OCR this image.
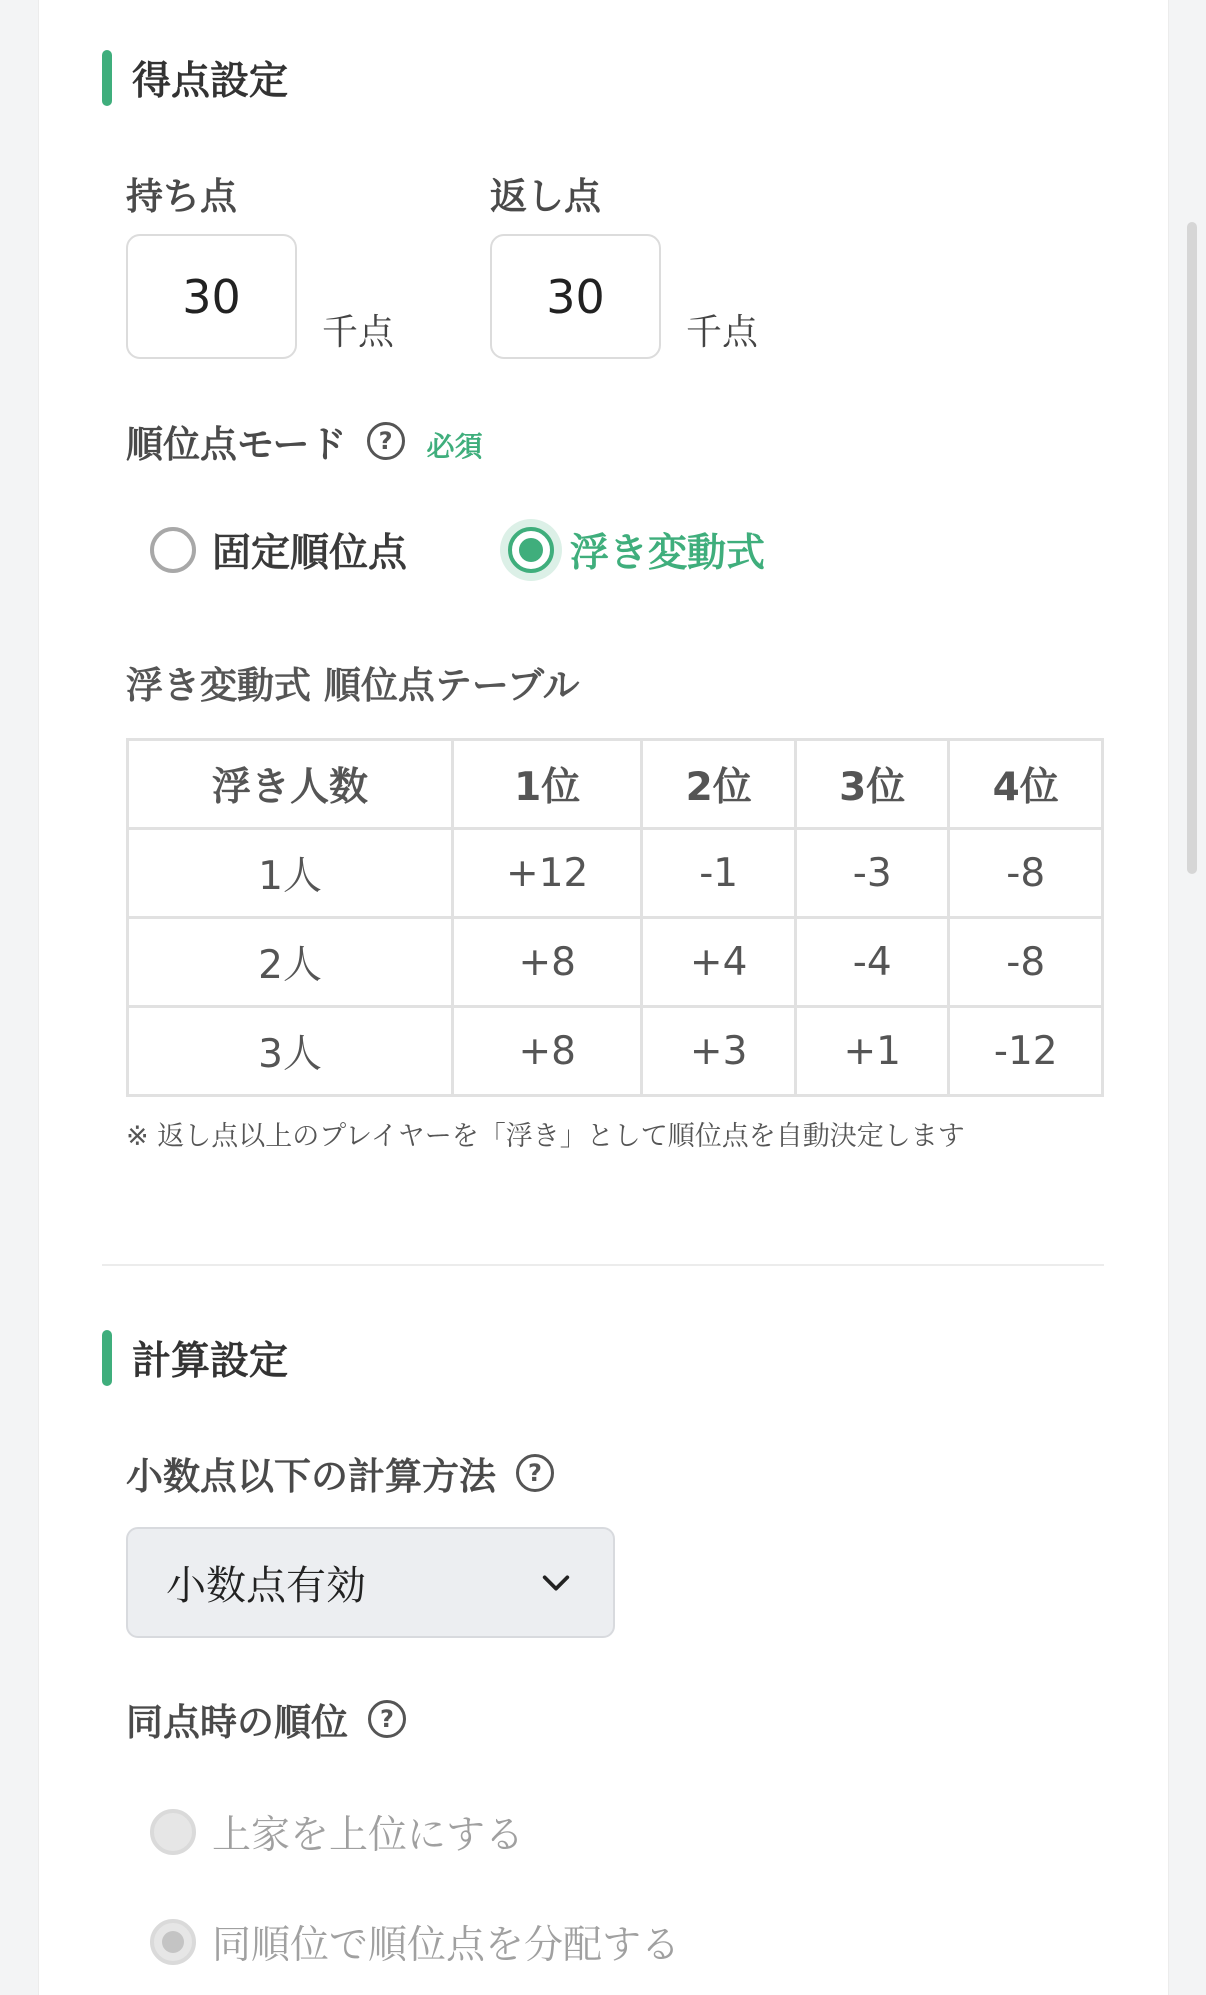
得点設定
持ち点
30
千点
返し点
30
千点
順位点モード	?	必須
固定順位点	浮き変動式
浮き変動式 順位点テーブル
浮き人数	1位	2位	3位	4位
1人	+12	-1	-3	-8
2人	+8	+4	-4	-8
3人	+8	+3	+1	-12
※ 返し点以上のプレイヤーを「浮き」として順位点を自動決定します
計算設定
小数点以下の計算方法	?
小数点有効
同点時の順位	?
上家を上位にする
同順位で順位点を分配する
